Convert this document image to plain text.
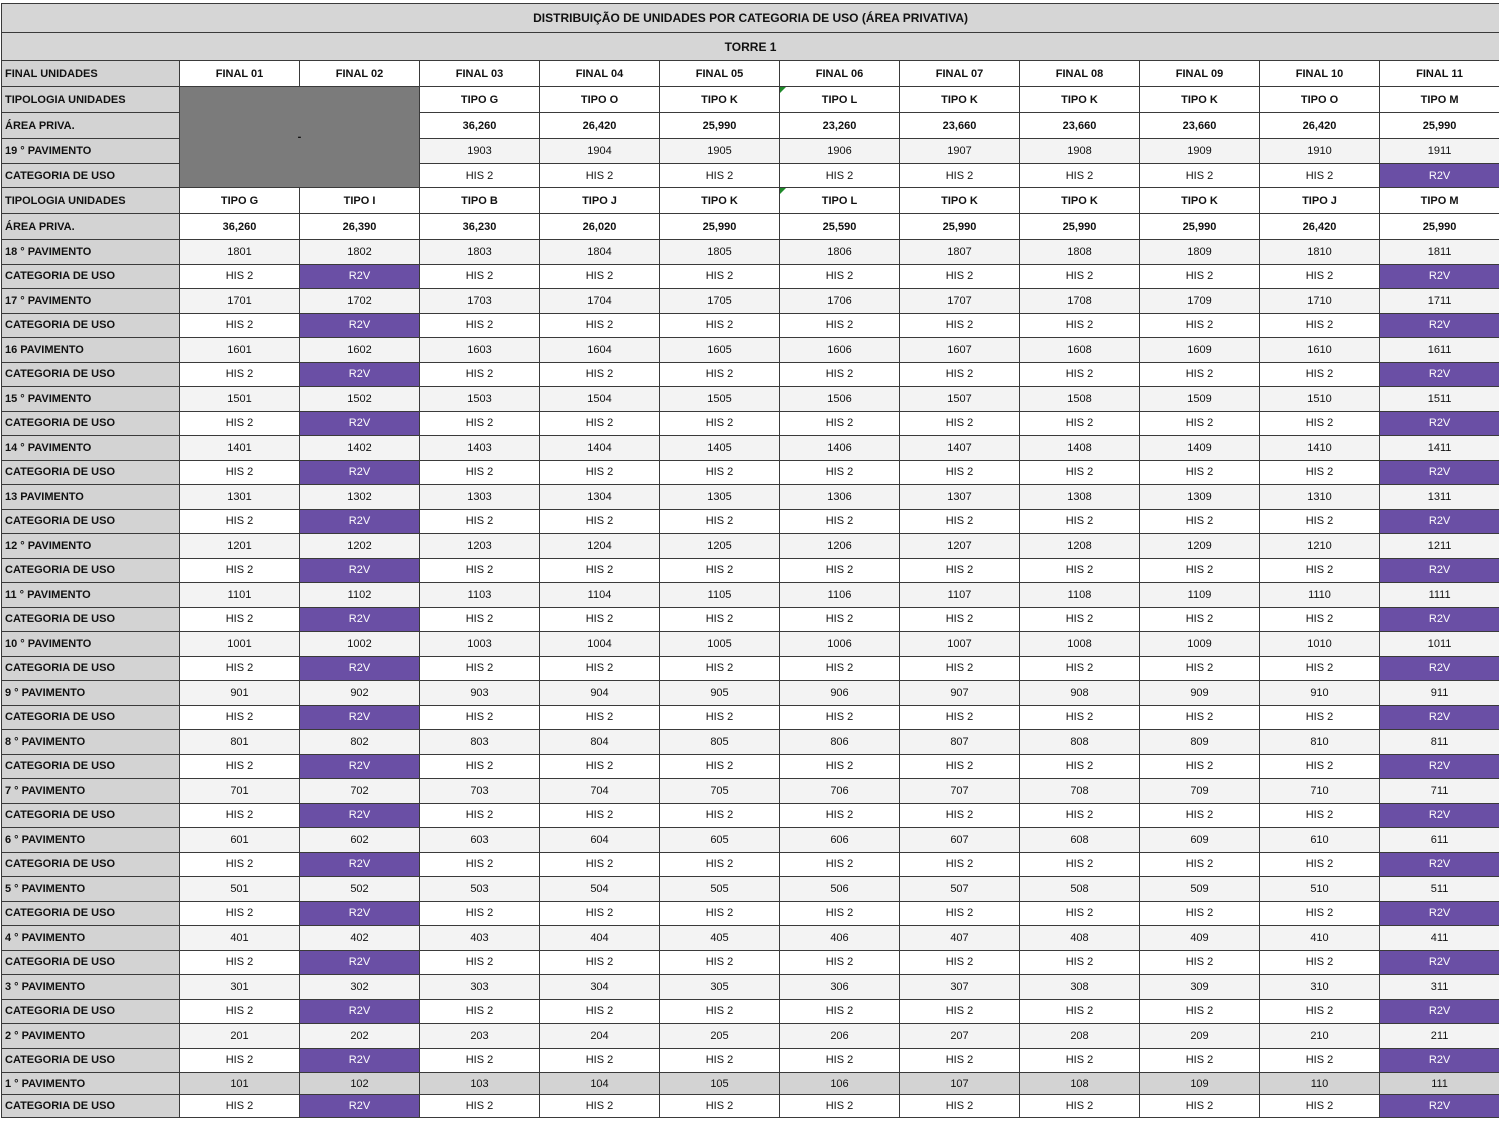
DISTRIBUIÇÃO DE UNIDADES POR CATEGORIA DE USO (ÁREA PRIVATIVA)											
TORRE 1											
FINAL UNIDADES	FINAL 01	FINAL 02	FINAL 03	FINAL 04	FINAL 05	FINAL 06	FINAL 07	FINAL 08	FINAL 09	FINAL 10	FINAL 11
TIPOLOGIA UNIDADES	-		TIPO G	TIPO O	TIPO K	TIPO L	TIPO K	TIPO K	TIPO K	TIPO O	TIPO M
ÁREA PRIVA.			36,260	26,420	25,990	23,260	23,660	23,660	23,660	26,420	25,990
19 ° PAVIMENTO			1903	1904	1905	1906	1907	1908	1909	1910	1911
CATEGORIA DE USO			HIS 2	HIS 2	HIS 2	HIS 2	HIS 2	HIS 2	HIS 2	HIS 2	R2V
TIPOLOGIA UNIDADES	TIPO G	TIPO I	TIPO B	TIPO J	TIPO K	TIPO L	TIPO K	TIPO K	TIPO K	TIPO J	TIPO M
ÁREA PRIVA.	36,260	26,390	36,230	26,020	25,990	25,590	25,990	25,990	25,990	26,420	25,990
18 ° PAVIMENTO	1801	1802	1803	1804	1805	1806	1807	1808	1809	1810	1811
CATEGORIA DE USO	HIS 2	R2V	HIS 2	HIS 2	HIS 2	HIS 2	HIS 2	HIS 2	HIS 2	HIS 2	R2V
17 ° PAVIMENTO	1701	1702	1703	1704	1705	1706	1707	1708	1709	1710	1711
CATEGORIA DE USO	HIS 2	R2V	HIS 2	HIS 2	HIS 2	HIS 2	HIS 2	HIS 2	HIS 2	HIS 2	R2V
16 PAVIMENTO	1601	1602	1603	1604	1605	1606	1607	1608	1609	1610	1611
CATEGORIA DE USO	HIS 2	R2V	HIS 2	HIS 2	HIS 2	HIS 2	HIS 2	HIS 2	HIS 2	HIS 2	R2V
15 ° PAVIMENTO	1501	1502	1503	1504	1505	1506	1507	1508	1509	1510	1511
CATEGORIA DE USO	HIS 2	R2V	HIS 2	HIS 2	HIS 2	HIS 2	HIS 2	HIS 2	HIS 2	HIS 2	R2V
14 ° PAVIMENTO	1401	1402	1403	1404	1405	1406	1407	1408	1409	1410	1411
CATEGORIA DE USO	HIS 2	R2V	HIS 2	HIS 2	HIS 2	HIS 2	HIS 2	HIS 2	HIS 2	HIS 2	R2V
13 PAVIMENTO	1301	1302	1303	1304	1305	1306	1307	1308	1309	1310	1311
CATEGORIA DE USO	HIS 2	R2V	HIS 2	HIS 2	HIS 2	HIS 2	HIS 2	HIS 2	HIS 2	HIS 2	R2V
12 ° PAVIMENTO	1201	1202	1203	1204	1205	1206	1207	1208	1209	1210	1211
CATEGORIA DE USO	HIS 2	R2V	HIS 2	HIS 2	HIS 2	HIS 2	HIS 2	HIS 2	HIS 2	HIS 2	R2V
11 ° PAVIMENTO	1101	1102	1103	1104	1105	1106	1107	1108	1109	1110	1111
CATEGORIA DE USO	HIS 2	R2V	HIS 2	HIS 2	HIS 2	HIS 2	HIS 2	HIS 2	HIS 2	HIS 2	R2V
10 ° PAVIMENTO	1001	1002	1003	1004	1005	1006	1007	1008	1009	1010	1011
CATEGORIA DE USO	HIS 2	R2V	HIS 2	HIS 2	HIS 2	HIS 2	HIS 2	HIS 2	HIS 2	HIS 2	R2V
9 ° PAVIMENTO	901	902	903	904	905	906	907	908	909	910	911
CATEGORIA DE USO	HIS 2	R2V	HIS 2	HIS 2	HIS 2	HIS 2	HIS 2	HIS 2	HIS 2	HIS 2	R2V
8 ° PAVIMENTO	801	802	803	804	805	806	807	808	809	810	811
CATEGORIA DE USO	HIS 2	R2V	HIS 2	HIS 2	HIS 2	HIS 2	HIS 2	HIS 2	HIS 2	HIS 2	R2V
7 ° PAVIMENTO	701	702	703	704	705	706	707	708	709	710	711
CATEGORIA DE USO	HIS 2	R2V	HIS 2	HIS 2	HIS 2	HIS 2	HIS 2	HIS 2	HIS 2	HIS 2	R2V
6 ° PAVIMENTO	601	602	603	604	605	606	607	608	609	610	611
CATEGORIA DE USO	HIS 2	R2V	HIS 2	HIS 2	HIS 2	HIS 2	HIS 2	HIS 2	HIS 2	HIS 2	R2V
5 ° PAVIMENTO	501	502	503	504	505	506	507	508	509	510	511
CATEGORIA DE USO	HIS 2	R2V	HIS 2	HIS 2	HIS 2	HIS 2	HIS 2	HIS 2	HIS 2	HIS 2	R2V
4 ° PAVIMENTO	401	402	403	404	405	406	407	408	409	410	411
CATEGORIA DE USO	HIS 2	R2V	HIS 2	HIS 2	HIS 2	HIS 2	HIS 2	HIS 2	HIS 2	HIS 2	R2V
3 ° PAVIMENTO	301	302	303	304	305	306	307	308	309	310	311
CATEGORIA DE USO	HIS 2	R2V	HIS 2	HIS 2	HIS 2	HIS 2	HIS 2	HIS 2	HIS 2	HIS 2	R2V
2 ° PAVIMENTO	201	202	203	204	205	206	207	208	209	210	211
CATEGORIA DE USO	HIS 2	R2V	HIS 2	HIS 2	HIS 2	HIS 2	HIS 2	HIS 2	HIS 2	HIS 2	R2V
1 ° PAVIMENTO	101	102	103	104	105	106	107	108	109	110	111
CATEGORIA DE USO	HIS 2	R2V	HIS 2	HIS 2	HIS 2	HIS 2	HIS 2	HIS 2	HIS 2	HIS 2	R2V
